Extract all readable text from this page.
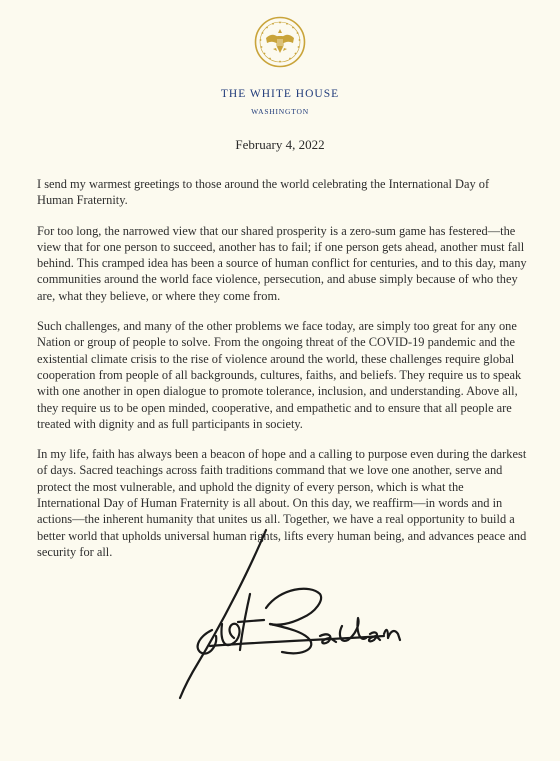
THE WHITE HOUSE
WASHINGTON
February 4, 2022

I send my warmest greetings to those around the world celebrating the International Day of Human Fraternity.

For too long, the narrowed view that our shared prosperity is a zero-sum game has festered—the view that for one person to succeed, another has to fail; if one person gets ahead, another must fall behind. This cramped idea has been a source of human conflict for centuries, and to this day, many communities around the world face violence, persecution, and abuse simply because of who they are, what they believe, or where they come from.

Such challenges, and many of the other problems we face today, are simply too great for any one Nation or group of people to solve. From the ongoing threat of the COVID-19 pandemic and the existential climate crisis to the rise of violence around the world, these challenges require global cooperation from people of all backgrounds, cultures, faiths, and beliefs. They require us to speak with one another in open dialogue to promote tolerance, inclusion, and understanding. Above all, they require us to be open minded, cooperative, and empathetic and to ensure that all people are treated with dignity and as full participants in society.

In my life, faith has always been a beacon of hope and a calling to purpose even during the darkest of days. Sacred teachings across faith traditions command that we love one another, serve and protect the most vulnerable, and uphold the dignity of every person, which is what the International Day of Human Fraternity is all about. On this day, we reaffirm—in words and in actions—the inherent humanity that unites us all. Together, we have a real opportunity to build a better world that upholds universal human rights, lifts every human being, and advances peace and security for all.
